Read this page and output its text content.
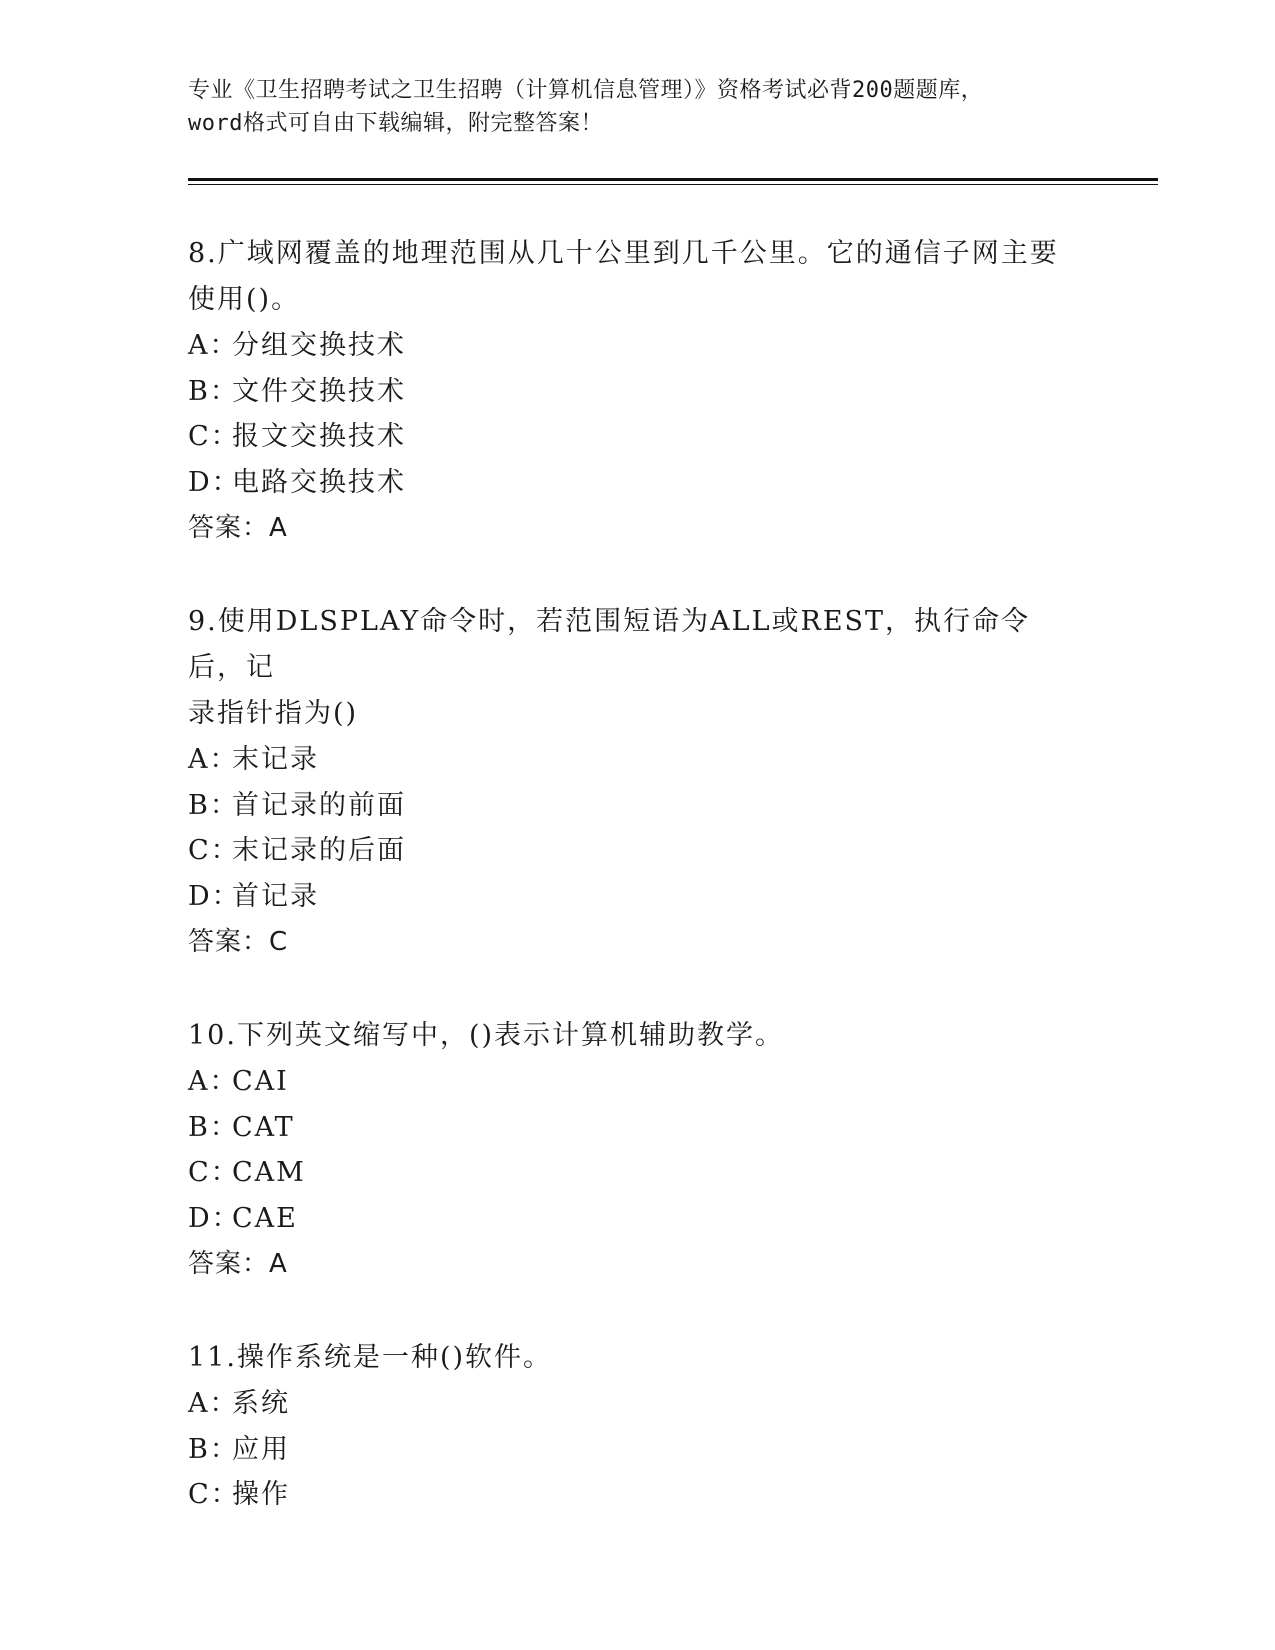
专业《卫生招聘考试之卫生招聘（计算机信息管理）》资格考试必背200题题库，
word格式可自由下载编辑，附完整答案！
8.广域网覆盖的地理范围从几十公里到几千公里。它的通信子网主要
使用()。
A：分组交换技术
B：文件交换技术
C：报文交换技术
D：电路交换技术
答案：A
9.使用DLSPLAY命令时，若范围短语为ALL或REST，执行命令后，记
录指针指为()
A：末记录
B：首记录的前面
C：末记录的后面
D：首记录
答案：C
10.下列英文缩写中，()表示计算机辅助教学。
A：CAI
B：CAT
C：CAM
D：CAE
答案：A
11.操作系统是一种()软件。
A：系统
B：应用
C：操作
